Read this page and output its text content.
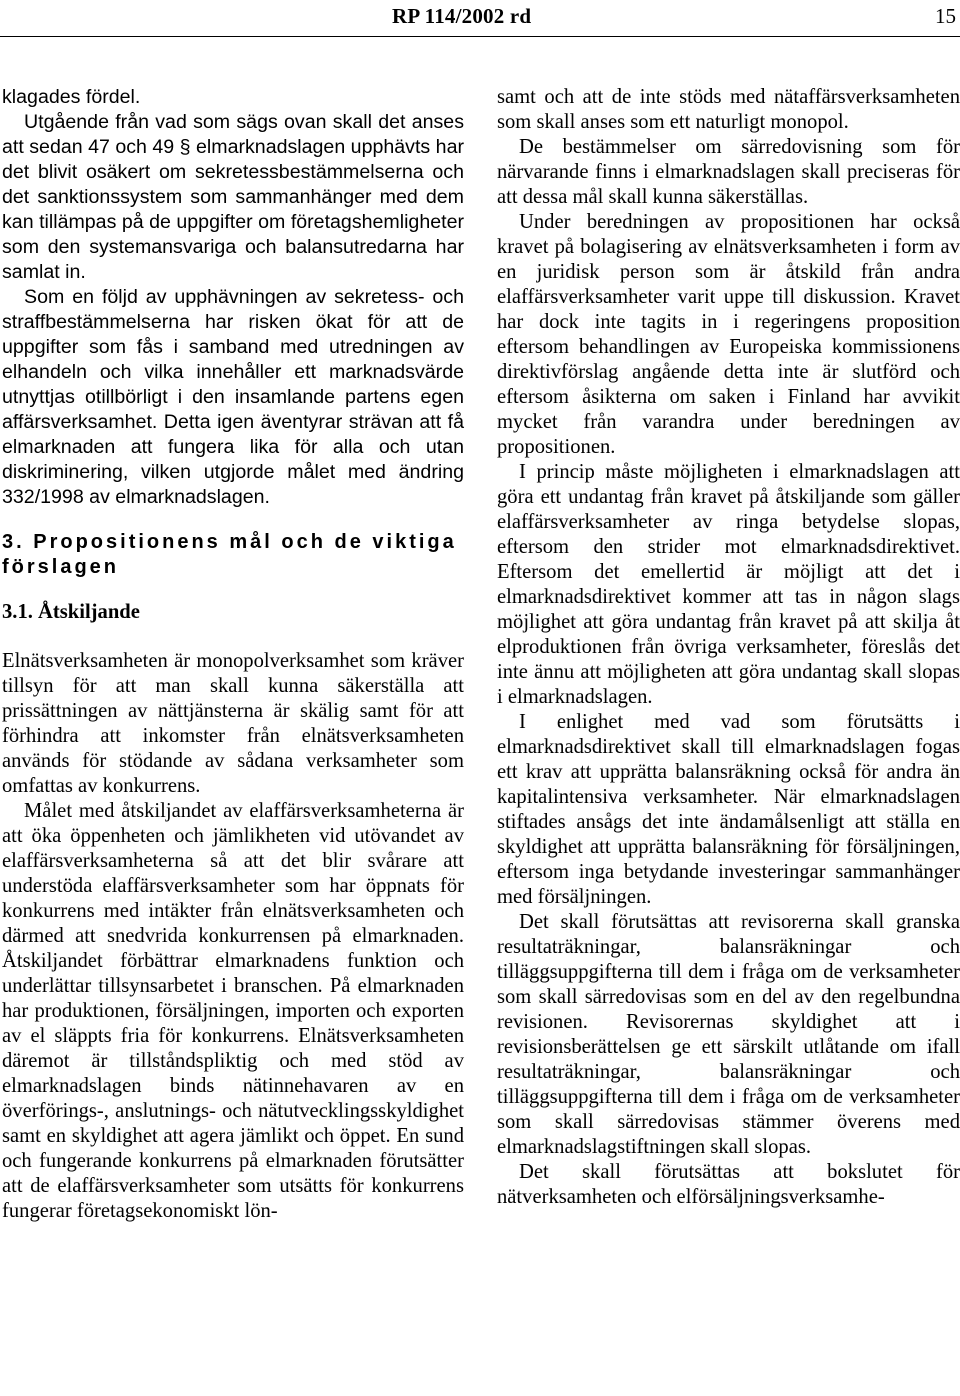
RP 114/2002 rd	15

klagades fördel.

Utgående från vad som sägs ovan skall det anses att sedan 47 och 49 § elmarknadslagen upphävts har det blivit osäkert om sekretessbestämmelserna och det sanktionssystem som sammanhänger med dem kan tillämpas på de uppgifter om företagshemligheter som den systemansvariga och balansutredarna har samlat in.

Som en följd av upphävningen av sekretess- och straffbestämmelserna har risken ökat för att de uppgifter som fås i samband med utredningen av elhandeln och vilka innehåller ett marknadsvärde utnyttjas otillbörligt i den insamlande partens egen affärsverksamhet. Detta igen äventyrar strävan att få elmarknaden att fungera lika för alla och utan diskriminering, vilken utgjorde målet med ändring 332/1998 av elmarknadslagen.

3. Propositionens mål och de viktiga förslagen
3.1. Åtskiljande

Elnätsverksamheten är monopolverksamhet som kräver tillsyn för att man skall kunna säkerställa att prissättningen av nättjänsterna är skälig samt för att förhindra att inkomster från elnätsverksamheten används för stödande av sådana verksamheter som omfattas av konkurrens.

Målet med åtskiljandet av elaffärsverksamheterna är att öka öppenheten och jämlikheten vid utövandet av elaffärsverksamheterna så att det blir svårare att understöda elaffärsverksamheter som har öppnats för konkurrens med intäkter från elnätsverksamheten och därmed att snedvrida konkurrensen på elmarknaden. Åtskiljandet förbättrar elmarknadens funktion och underlättar tillsynsarbetet i branschen. På elmarknaden har produktionen, försäljningen, importen och exporten av el släppts fria för konkurrens. Elnätsverksamheten däremot är tillståndspliktig och med stöd av elmarknadslagen binds nätinnehavaren av en överförings-, anslutnings- och nätutvecklingsskyldighet samt en skyldighet att agera jämlikt och öppet. En sund och fungerande konkurrens på elmarknaden förutsätter att de elaffärsverksamheter som utsätts för konkurrens fungerar företagsekonomiskt lön-

samt och att de inte stöds med nätaffärsverksamheten som skall anses som ett naturligt monopol.

De bestämmelser om särredovisning som för närvarande finns i elmarknadslagen skall preciseras för att dessa mål skall kunna säkerställas.

Under beredningen av propositionen har också kravet på bolagisering av elnätsverksamheten i form av en juridisk person som är åtskild från andra elaffärsverksamheter varit uppe till diskussion. Kravet har dock inte tagits in i regeringens proposition eftersom behandlingen av Europeiska kommissionens direktivförslag angående detta inte är slutförd och eftersom åsikterna om saken i Finland har avvikit mycket från varandra under beredningen av propositionen.

I princip måste möjligheten i elmarknadslagen att göra ett undantag från kravet på åtskiljande som gäller elaffärsverksamheter av ringa betydelse slopas, eftersom den strider mot elmarknadsdirektivet. Eftersom det emellertid är möjligt att det i elmarknadsdirektivet kommer att tas in någon slags möjlighet att göra undantag från kravet på att skilja åt elproduktionen från övriga verksamheter, föreslås det inte ännu att möjligheten att göra undantag skall slopas i elmarknadslagen.

I enlighet med vad som förutsätts i elmarknadsdirektivet skall till elmarknadslagen fogas ett krav att upprätta balansräkning också för andra än kapitalintensiva verksamheter. När elmarknadslagen stiftades ansågs det inte ändamålsenligt att ställa en skyldighet att upprätta balansräkning för försäljningen, eftersom inga betydande investeringar sammanhänger med försäljningen.

Det skall förutsättas att revisorerna skall granska resultaträkningar, balansräkningar och tilläggsuppgifterna till dem i fråga om de verksamheter som skall särredovisas som en del av den regelbundna revisionen. Revisorernas skyldighet att i revisionsberättelsen ge ett särskilt utlåtande om ifall resultaträkningar, balansräkningar och tilläggsuppgifterna till dem i fråga om de verksamheter som skall särredovisas stämmer överens med elmarknadslagstiftningen skall slopas.

Det skall förutsättas att bokslutet för nätverksamheten och elförsäljningsverksamhe-
